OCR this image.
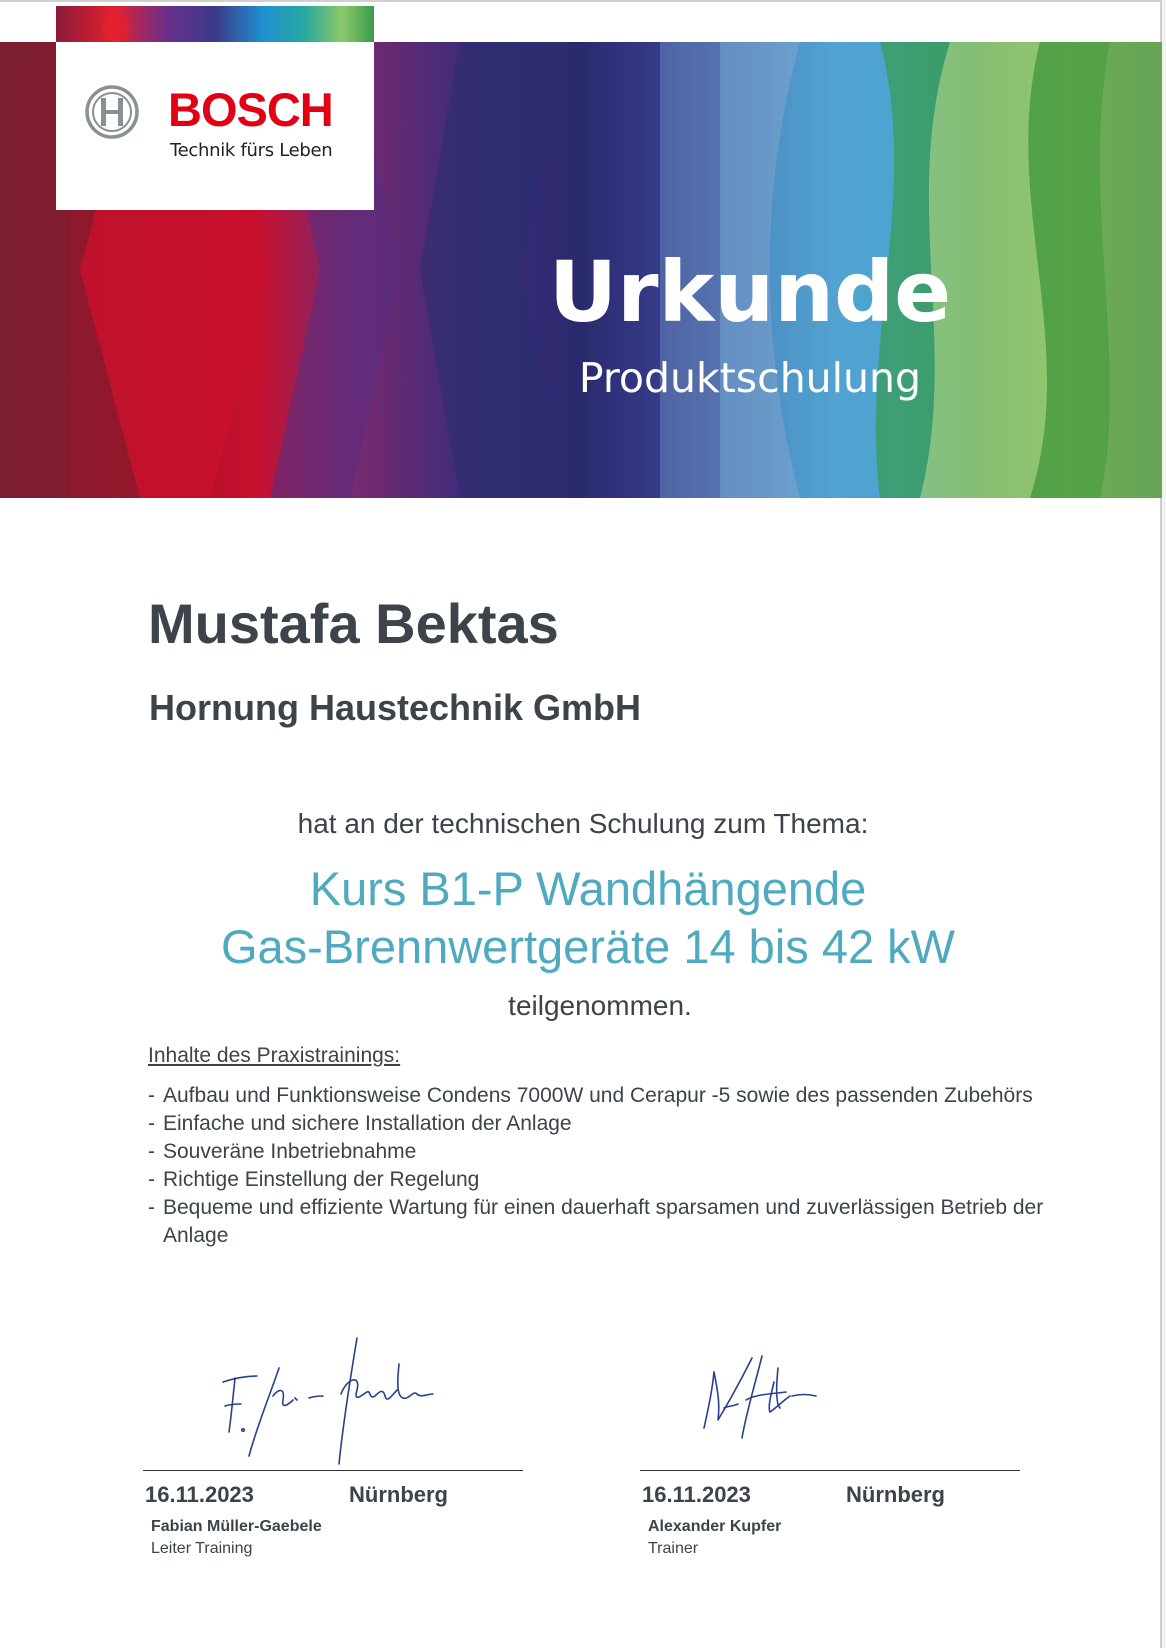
BOSCH
Technik fürs Leben
Urkunde
Produktschulung
Mustafa Bektas
Hornung Haustechnik GmbH
hat an der technischen Schulung zum Thema:
Kurs B1-P Wandhängende
Gas-Brennwertgeräte 14 bis 42 kW
teilgenommen.
Inhalte des Praxistrainings:
- Aufbau und Funktionsweise Condens 7000W und Cerapur -5 sowie des passenden Zubehörs
- Einfache und sichere Installation der Anlage
- Souveräne Inbetriebnahme
- Richtige Einstellung der Regelung
- Bequeme und effiziente Wartung für einen dauerhaft sparsamen und zuverlässigen Betrieb der Anlage
16.11.2023	Nürnberg
Fabian Müller-Gaebele
Leiter Training
16.11.2023	Nürnberg
Alexander Kupfer
Trainer
